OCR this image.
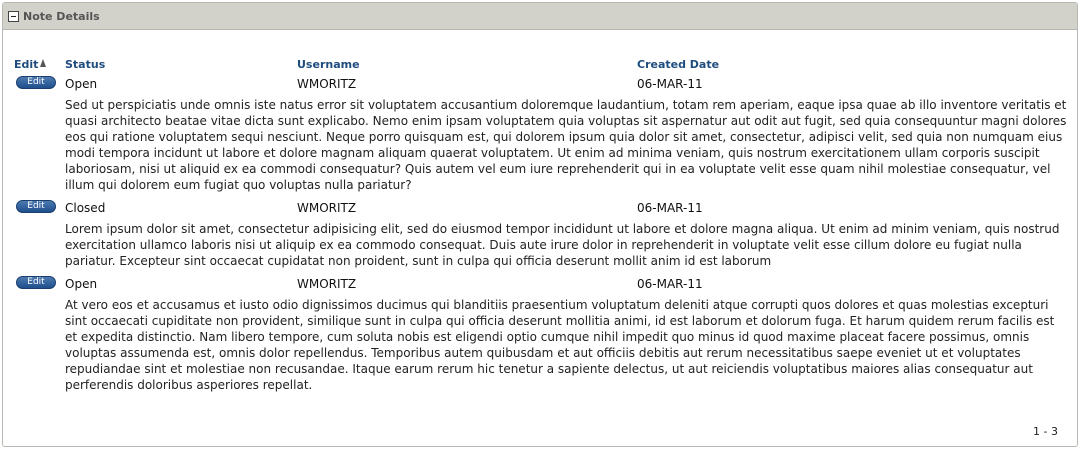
Note Details
Edit	Status	Username	Created Date
Edit	Open	WMORITZ	06-MAR-11
Sed ut perspiciatis unde omnis iste natus error sit voluptatem accusantium doloremque laudantium, totam rem aperiam, eaque ipsa quae ab illo inventore veritatis et quasi architecto beatae vitae dicta sunt explicabo. Nemo enim ipsam voluptatem quia voluptas sit aspernatur aut odit aut fugit, sed quia consequuntur magni dolores eos qui ratione voluptatem sequi nesciunt. Neque porro quisquam est, qui dolorem ipsum quia dolor sit amet, consectetur, adipisci velit, sed quia non numquam eius modi tempora incidunt ut labore et dolore magnam aliquam quaerat voluptatem. Ut enim ad minima veniam, quis nostrum exercitationem ullam corporis suscipit laboriosam, nisi ut aliquid ex ea commodi consequatur? Quis autem vel eum iure reprehenderit qui in ea voluptate velit esse quam nihil molestiae consequatur, vel illum qui dolorem eum fugiat quo voluptas nulla pariatur?
Edit	Closed	WMORITZ	06-MAR-11
Lorem ipsum dolor sit amet, consectetur adipisicing elit, sed do eiusmod tempor incididunt ut labore et dolore magna aliqua. Ut enim ad minim veniam, quis nostrud exercitation ullamco laboris nisi ut aliquip ex ea commodo consequat. Duis aute irure dolor in reprehenderit in voluptate velit esse cillum dolore eu fugiat nulla pariatur. Excepteur sint occaecat cupidatat non proident, sunt in culpa qui officia deserunt mollit anim id est laborum
Edit	Open	WMORITZ	06-MAR-11
At vero eos et accusamus et iusto odio dignissimos ducimus qui blanditiis praesentium voluptatum deleniti atque corrupti quos dolores et quas molestias excepturi sint occaecati cupiditate non provident, similique sunt in culpa qui officia deserunt mollitia animi, id est laborum et dolorum fuga. Et harum quidem rerum facilis est et expedita distinctio. Nam libero tempore, cum soluta nobis est eligendi optio cumque nihil impedit quo minus id quod maxime placeat facere possimus, omnis voluptas assumenda est, omnis dolor repellendus. Temporibus autem quibusdam et aut officiis debitis aut rerum necessitatibus saepe eveniet ut et voluptates repudiandae sint et molestiae non recusandae. Itaque earum rerum hic tenetur a sapiente delectus, ut aut reiciendis voluptatibus maiores alias consequatur aut perferendis doloribus asperiores repellat.
1 - 3
